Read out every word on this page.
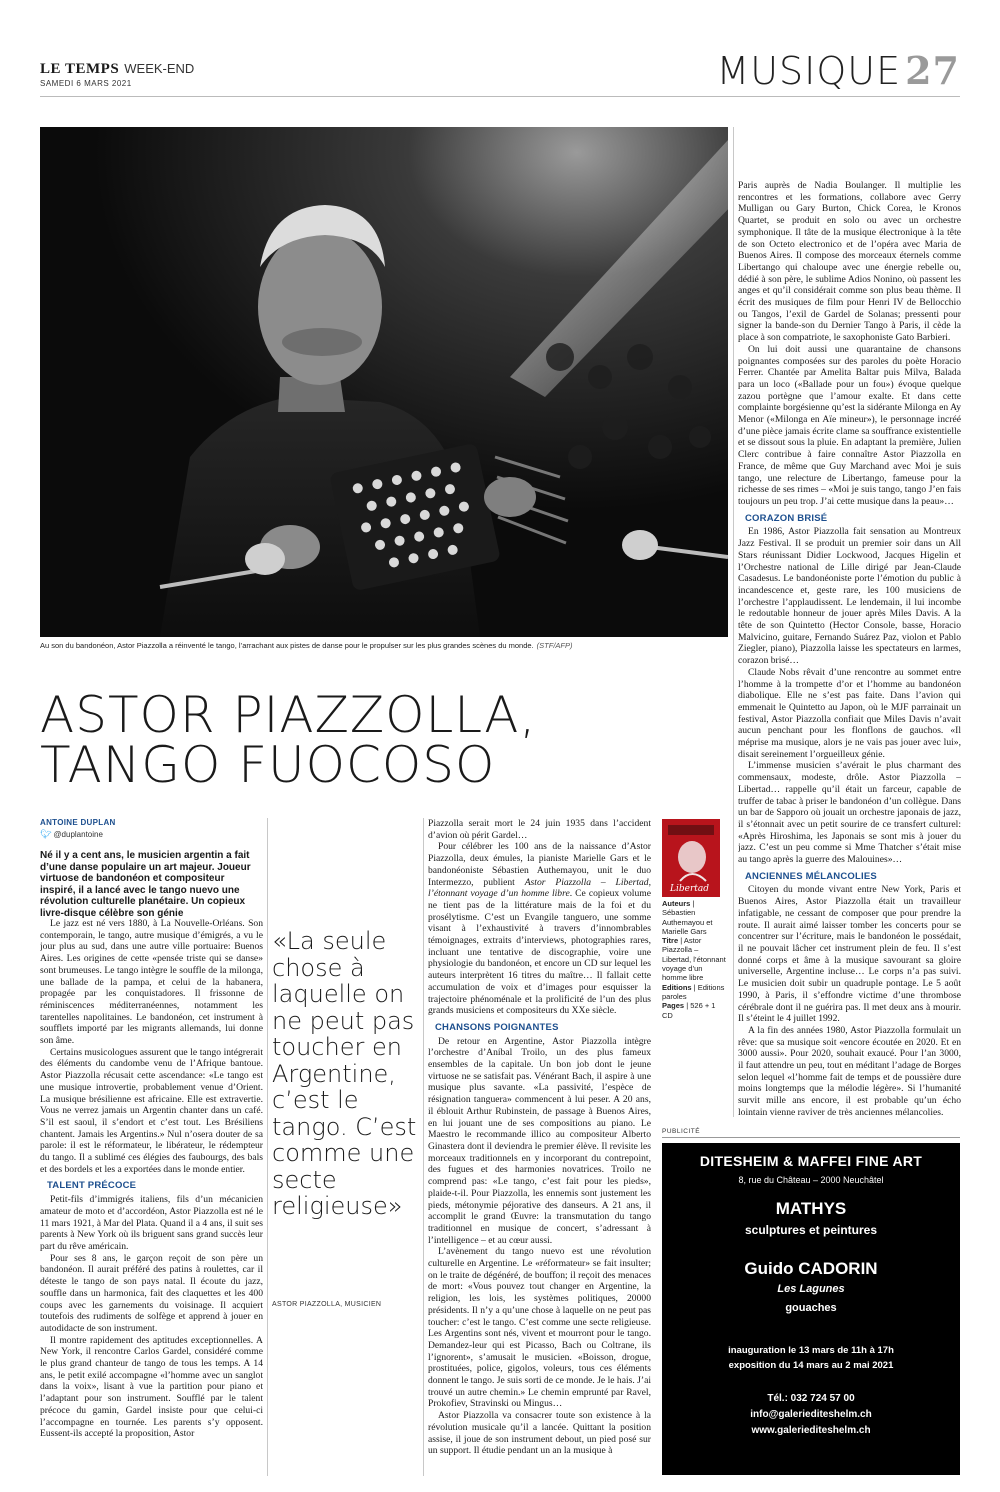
LE TEMPS WEEK-END
SAMEDI 6 MARS 2021	MUSIQUE 27
Au son du bandonéon, Astor Piazzolla a réinventé le tango, l’arrachant aux pistes de danse pour le propulser sur les plus grandes scènes du monde. (STF/AFP)
ASTOR PIAZZOLLA,
TANGO FUOCOSO
ANTOINE DUPLAN
🐦︎ @duplantoine
Né il y a cent ans, le musicien argentin a fait d’une danse populaire un art majeur. Joueur virtuose de bandonéon et compositeur inspiré, il a lancé avec le tango nuevo une révolution culturelle planétaire. Un copieux livre-disque célèbre son génie

Le jazz est né vers 1880, à La Nouvelle-Orléans. Son contemporain, le tango, autre musique d’émigrés, a vu le jour plus au sud, dans une autre ville portuaire: Buenos Aires. Les origines de cette «pensée triste qui se danse» sont brumeuses. Le tango intègre le souffle de la milonga, une ballade de la pampa, et celui de la habanera, propagée par les conquistadores. Il frissonne de réminiscences méditerranéennes, notamment les tarentelles napolitaines. Le bandonéon, cet instrument à soufflets importé par les migrants allemands, lui donne son âme.

Certains musicologues assurent que le tango intégrerait des éléments du candombe venu de l’Afrique bantoue. Astor Piazzolla récusait cette ascendance: «Le tango est une musique introvertie, probablement venue d’Orient. La musique brésilienne est africaine. Elle est extravertie. Vous ne verrez jamais un Argentin chanter dans un café. S’il est saoul, il s’endort et c’est tout. Les Brésiliens chantent. Jamais les Argentins.» Nul n’osera douter de sa parole: il est le réformateur, le libérateur, le rédempteur du tango. Il a sublimé ces élégies des faubourgs, des bals et des bordels et les a exportées dans le monde entier.

TALENT PRÉCOCE

Petit-fils d’immigrés italiens, fils d’un mécanicien amateur de moto et d’accordéon, Astor Piazzolla est né le 11 mars 1921, à Mar del Plata. Quand il a 4 ans, il suit ses parents à New York où ils briguent sans grand succès leur part du rêve américain.

Pour ses 8 ans, le garçon reçoit de son père un bandonéon. Il aurait préféré des patins à roulettes, car il déteste le tango de son pays natal. Il écoute du jazz, souffle dans un harmonica, fait des claquettes et les 400 coups avec les garnements du voisinage. Il acquiert toutefois des rudiments de solfège et apprend à jouer en autodidacte de son instrument.

Il montre rapidement des aptitudes exceptionnelles. A New York, il rencontre Carlos Gardel, considéré comme le plus grand chanteur de tango de tous les temps. A 14 ans, le petit exilé accompagne «l’homme avec un sanglot dans la voix», lisant à vue la partition pour piano et l’adaptant pour son instrument. Soufflé par le talent précoce du gamin, Gardel insiste pour que celui-ci l’accompagne en tournée. Les parents s’y opposent. Eussent-ils accepté la proposition, Astor

«La seule chose à laquelle on ne peut pas toucher en Argentine, c’est le tango. C’est comme une secte religieuse»
ASTOR PIAZZOLLA, MUSICIEN

Piazzolla serait mort le 24 juin 1935 dans l’accident d’avion où périt Gardel…

Pour célébrer les 100 ans de la naissance d’Astor Piazzolla, deux émules, la pianiste Marielle Gars et le bandonéoniste Sébastien Authemayou, unit le duo Intermezzo, publient Astor Piazzolla – Libertad, l’étonnant voyage d’un homme libre. Ce copieux volume ne tient pas de la littérature mais de la foi et du prosélytisme. C’est un Evangile tanguero, une somme visant à l’exhaustivité à travers d’innombrables témoignages, extraits d’interviews, photographies rares, incluant une tentative de discographie, voire une physiologie du bandonéon, et encore un CD sur lequel les auteurs interprètent 16 titres du maître… Il fallait cette accumulation de voix et d’images pour esquisser la trajectoire phénoménale et la prolificité de l’un des plus grands musiciens et compositeurs du XXe siècle.

CHANSONS POIGNANTES

De retour en Argentine, Astor Piazzolla intègre l’orchestre d’Aníbal Troilo, un des plus fameux ensembles de la capitale. Un bon job dont le jeune virtuose ne se satisfait pas. Vénérant Bach, il aspire à une musique plus savante. «La passivité, l’espèce de résignation tanguera» commencent à lui peser. A 20 ans, il éblouit Arthur Rubinstein, de passage à Buenos Aires, en lui jouant une de ses compositions au piano. Le Maestro le recommande illico au compositeur Alberto Ginastera dont il deviendra le premier élève. Il revisite les morceaux traditionnels en y incorporant du contrepoint, des fugues et des harmonies novatrices. Troilo ne comprend pas: «Le tango, c’est fait pour les pieds», plaide-t-il. Pour Piazzolla, les ennemis sont justement les pieds, métonymie péjorative des danseurs. A 21 ans, il accomplit le grand Œuvre: la transmutation du tango traditionnel en musique de concert, s’adressant à l’intelligence – et au cœur aussi.

L’avènement du tango nuevo est une révolution culturelle en Argentine. Le «réformateur» se fait insulter; on le traite de dégénéré, de bouffon; il reçoit des menaces de mort: «Vous pouvez tout changer en Argentine, la religion, les lois, les systèmes politiques, 20000 présidents. Il n’y a qu’une chose à laquelle on ne peut pas toucher: c’est le tango. C’est comme une secte religieuse. Les Argentins sont nés, vivent et mourront pour le tango. Demandez-leur qui est Picasso, Bach ou Coltrane, ils l’ignorent», s’amusait le musicien. «Boisson, drogue, prostituées, police, gigolos, voleurs, tous ces éléments donnent le tango. Je suis sorti de ce monde. Je le hais. J’ai trouvé un autre chemin.» Le chemin emprunté par Ravel, Prokofiev, Stravinski ou Mingus…

Astor Piazzolla va consacrer toute son existence à la révolution musicale qu’il a lancée. Quittant la position assise, il joue de son instrument debout, un pied posé sur un support. Il étudie pendant un an la musique à

Libertad
Auteurs | Sébastien Authemayou et Marielle Gars
Titre | Astor Piazzolla – Libertad, l’étonnant voyage d’un homme libre
Editions | Editions paroles
Pages | 526 + 1 CD

Paris auprès de Nadia Boulanger. Il multiplie les rencontres et les formations, collabore avec Gerry Mulligan ou Gary Burton, Chick Corea, le Kronos Quartet, se produit en solo ou avec un orchestre symphonique. Il tâte de la musique électronique à la tête de son Octeto electronico et de l’opéra avec Maria de Buenos Aires. Il compose des morceaux éternels comme Libertango qui chaloupe avec une énergie rebelle ou, dédié à son père, le sublime Adios Nonino, où passent les anges et qu’il considérait comme son plus beau thème. Il écrit des musiques de film pour Henri IV de Bellocchio ou Tangos, l’exil de Gardel de Solanas; pressenti pour signer la bande-son du Dernier Tango à Paris, il cède la place à son compatriote, le saxophoniste Gato Barbieri.

On lui doit aussi une quarantaine de chansons poignantes composées sur des paroles du poète Horacio Ferrer. Chantée par Amelita Baltar puis Milva, Balada para un loco («Ballade pour un fou») évoque quelque zazou portègne que l’amour exalte. Et dans cette complainte borgésienne qu’est la sidérante Milonga en Ay Menor («Milonga en Aïe mineur»), le personnage incréé d’une pièce jamais écrite clame sa souffrance existentielle et se dissout sous la pluie. En adaptant la première, Julien Clerc contribue à faire connaître Astor Piazzolla en France, de même que Guy Marchand avec Moi je suis tango, une relecture de Libertango, fameuse pour la richesse de ses rimes – «Moi je suis tango, tango J’en fais toujours un peu trop. J’ai cette musique dans la peau»…

CORAZON BRISÉ

En 1986, Astor Piazzolla fait sensation au Montreux Jazz Festival. Il se produit un premier soir dans un All Stars réunissant Didier Lockwood, Jacques Higelin et l’Orchestre national de Lille dirigé par Jean-Claude Casadesus. Le bandonéoniste porte l’émotion du public à incandescence et, geste rare, les 100 musiciens de l’orchestre l’applaudissent. Le lendemain, il lui incombe le redoutable honneur de jouer après Miles Davis. A la tête de son Quintetto (Hector Console, basse, Horacio Malvicino, guitare, Fernando Suárez Paz, violon et Pablo Ziegler, piano), Piazzolla laisse les spectateurs en larmes, corazon brisé…

Claude Nobs rêvait d’une rencontre au sommet entre l’homme à la trompette d’or et l’homme au bandonéon diabolique. Elle ne s’est pas faite. Dans l’avion qui emmenait le Quintetto au Japon, où le MJF parrainait un festival, Astor Piazzolla confiait que Miles Davis n’avait aucun penchant pour les flonflons de gauchos. «Il méprise ma musique, alors je ne vais pas jouer avec lui», disait sereinement l’orgueilleux génie.

L’immense musicien s’avérait le plus charmant des commensaux, modeste, drôle. Astor Piazzolla – Libertad… rappelle qu’il était un farceur, capable de truffer de tabac à priser le bandonéon d’un collègue. Dans un bar de Sapporo où jouait un orchestre japonais de jazz, il s’étonnait avec un petit sourire de ce transfert culturel: «Après Hiroshima, les Japonais se sont mis à jouer du jazz. C’est un peu comme si Mme Thatcher s’était mise au tango après la guerre des Malouines»…

ANCIENNES MÉLANCOLIES

Citoyen du monde vivant entre New York, Paris et Buenos Aires, Astor Piazzolla était un travailleur infatigable, ne cessant de composer que pour prendre la route. Il aurait aimé laisser tomber les concerts pour se concentrer sur l’écriture, mais le bandonéon le possédait, il ne pouvait lâcher cet instrument plein de feu. Il s’est donné corps et âme à la musique savourant sa gloire universelle, Argentine incluse… Le corps n’a pas suivi. Le musicien doit subir un quadruple pontage. Le 5 août 1990, à Paris, il s’effondre victime d’une thrombose cérébrale dont il ne guérira pas. Il met deux ans à mourir. Il s’éteint le 4 juillet 1992.

A la fin des années 1980, Astor Piazzolla formulait un rêve: que sa musique soit «encore écoutée en 2020. Et en 3000 aussi». Pour 2020, souhait exaucé. Pour l’an 3000, il faut attendre un peu, tout en méditant l’adage de Borges selon lequel «l’homme fait de temps et de poussière dure moins longtemps que la mélodie légère». Si l’humanité survit mille ans encore, il est probable qu’un écho lointain vienne raviver de très anciennes mélancolies.

PUBLICITÉ
DITESHEIM & MAFFEI FINE ART
8, rue du Château – 2000 Neuchâtel
MATHYS
sculptures et peintures
Guido CADORIN
Les Lagunes
gouaches
inauguration le 13 mars de 11h à 17h
exposition du 14 mars au 2 mai 2021
Tél.: 032 724 57 00
info@galeriediteshelm.ch
www.galeriediteshelm.ch
